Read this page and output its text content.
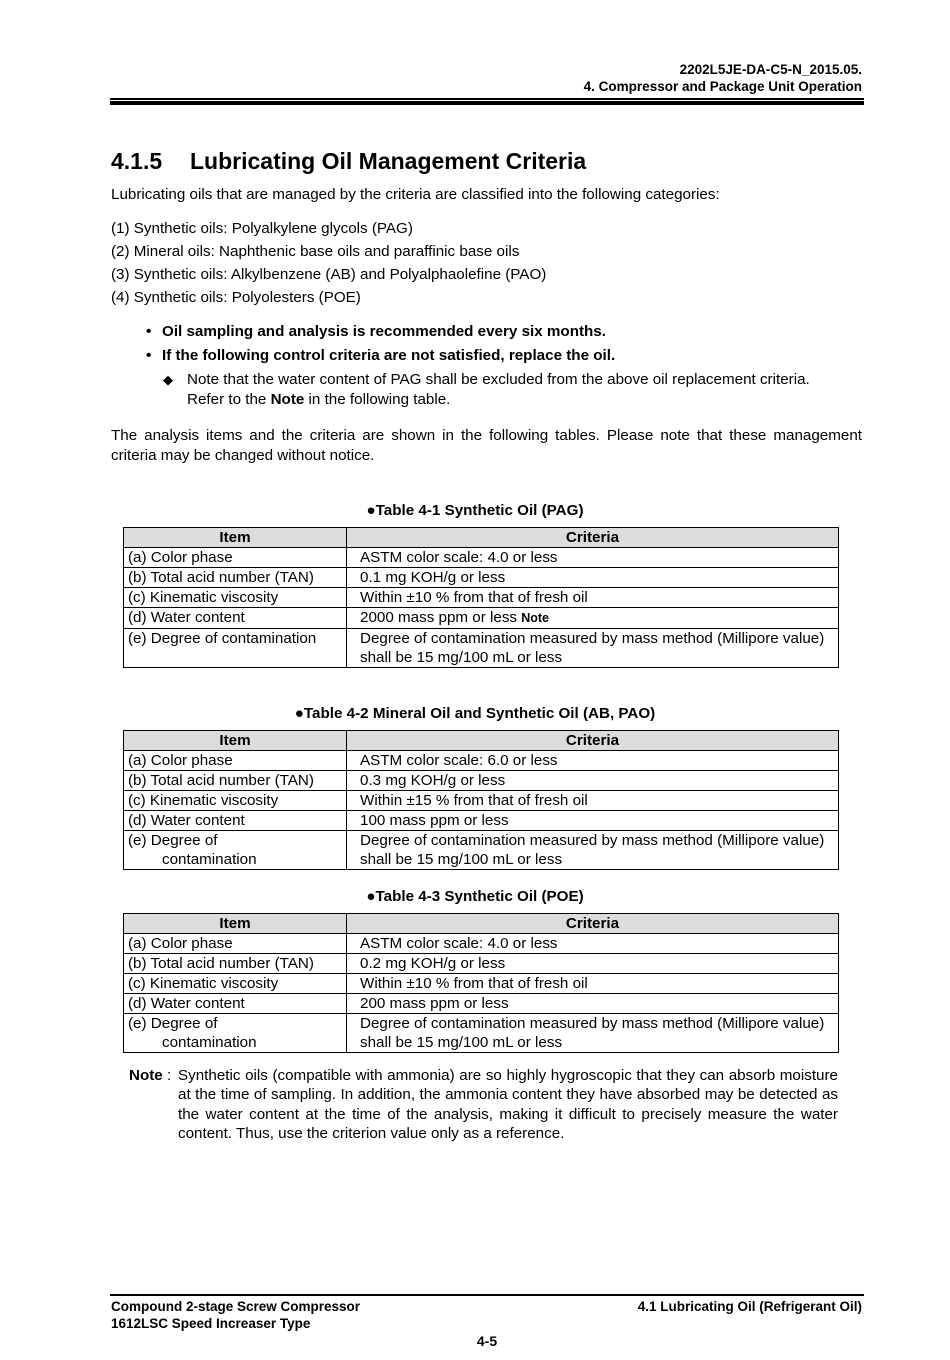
2202L5JE-DA-C5-N_2015.05.
4. Compressor and Package Unit Operation
4.1.5 Lubricating Oil Management Criteria
Lubricating oils that are managed by the criteria are classified into the following categories:
(1) Synthetic oils: Polyalkylene glycols (PAG)
(2) Mineral oils: Naphthenic base oils and paraffinic base oils
(3) Synthetic oils: Alkylbenzene (AB) and Polyalphaolefine (PAO)
(4) Synthetic oils: Polyolesters (POE)
• Oil sampling and analysis is recommended every six months.
• If the following control criteria are not satisfied, replace the oil.
◆ Note that the water content of PAG shall be excluded from the above oil replacement criteria.
Refer to the Note in the following table.
The analysis items and the criteria are shown in the following tables. Please note that these management criteria may be changed without notice.
●Table 4-1 Synthetic Oil (PAG)
Item	Criteria
(a) Color phase	ASTM color scale: 4.0 or less
(b) Total acid number (TAN)	0.1 mg KOH/g or less
(c) Kinematic viscosity	Within ±10 % from that of fresh oil
(d) Water content	2000 mass ppm or less Note
(e) Degree of contamination	Degree of contamination measured by mass method (Millipore value) shall be 15 mg/100 mL or less
●Table 4-2 Mineral Oil and Synthetic Oil (AB, PAO)
Item	Criteria
(a) Color phase	ASTM color scale: 6.0 or less
(b) Total acid number (TAN)	0.3 mg KOH/g or less
(c) Kinematic viscosity	Within ±15 % from that of fresh oil
(d) Water content	100 mass ppm or less
(e) Degree of
contamination	Degree of contamination measured by mass method (Millipore value) shall be 15 mg/100 mL or less
●Table 4-3 Synthetic Oil (POE)
Item	Criteria
(a) Color phase	ASTM color scale: 4.0 or less
(b) Total acid number (TAN)	0.2 mg KOH/g or less
(c) Kinematic viscosity	Within ±10 % from that of fresh oil
(d) Water content	200 mass ppm or less
(e) Degree of
contamination	Degree of contamination measured by mass method (Millipore value) shall be 15 mg/100 mL or less
Note : Synthetic oils (compatible with ammonia) are so highly hygroscopic that they can absorb moisture at the time of sampling. In addition, the ammonia content they have absorbed may be detected as the water content at the time of the analysis, making it difficult to precisely measure the water content. Thus, use the criterion value only as a reference.
Compound 2-stage Screw Compressor
1612LSC Speed Increaser Type
4.1 Lubricating Oil (Refrigerant Oil)
4-5
